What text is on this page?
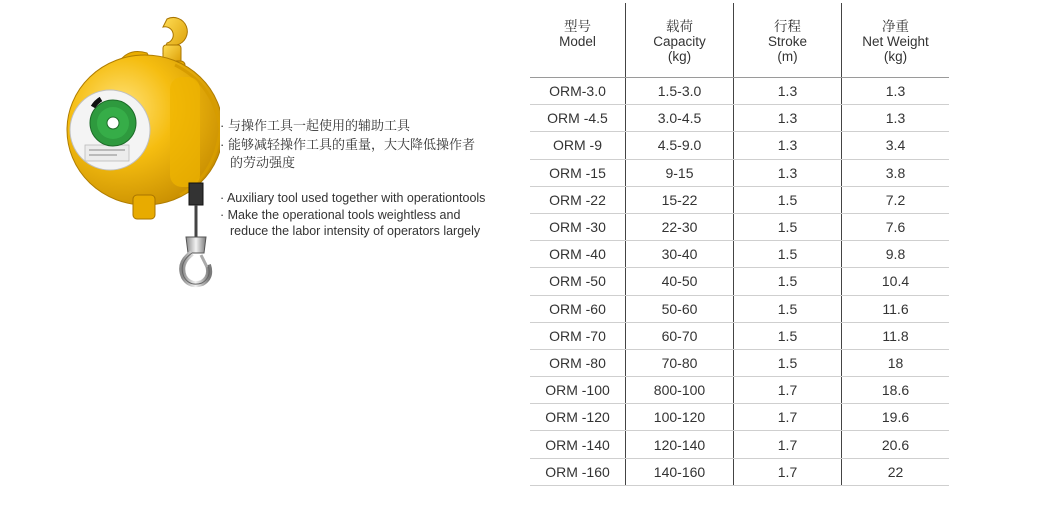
· 与操作工具一起使用的辅助工具
· 能够减轻操作工具的重量，大大降低操作者
的劳动强度
· Auxiliary tool used together with operationtools
· Make the operational tools weightless and
reduce the labor intensity of operators largely
型号
Model	载荷
Capacity
(kg)	行程
Stroke
(m)	净重
Net Weight
(kg)

ORM-3.0	1.5-3.0	1.3	1.3
ORM -4.5	3.0-4.5	1.3	1.3
ORM -9	4.5-9.0	1.3	3.4
ORM -15	9-15	1.3	3.8
ORM -22	15-22	1.5	7.2
ORM -30	22-30	1.5	7.6
ORM -40	30-40	1.5	9.8
ORM -50	40-50	1.5	10.4
ORM -60	50-60	1.5	11.6
ORM -70	60-70	1.5	11.8
ORM -80	70-80	1.5	18
ORM -100	800-100	1.7	18.6
ORM -120	100-120	1.7	19.6
ORM -140	120-140	1.7	20.6
ORM -160	140-160	1.7	22
